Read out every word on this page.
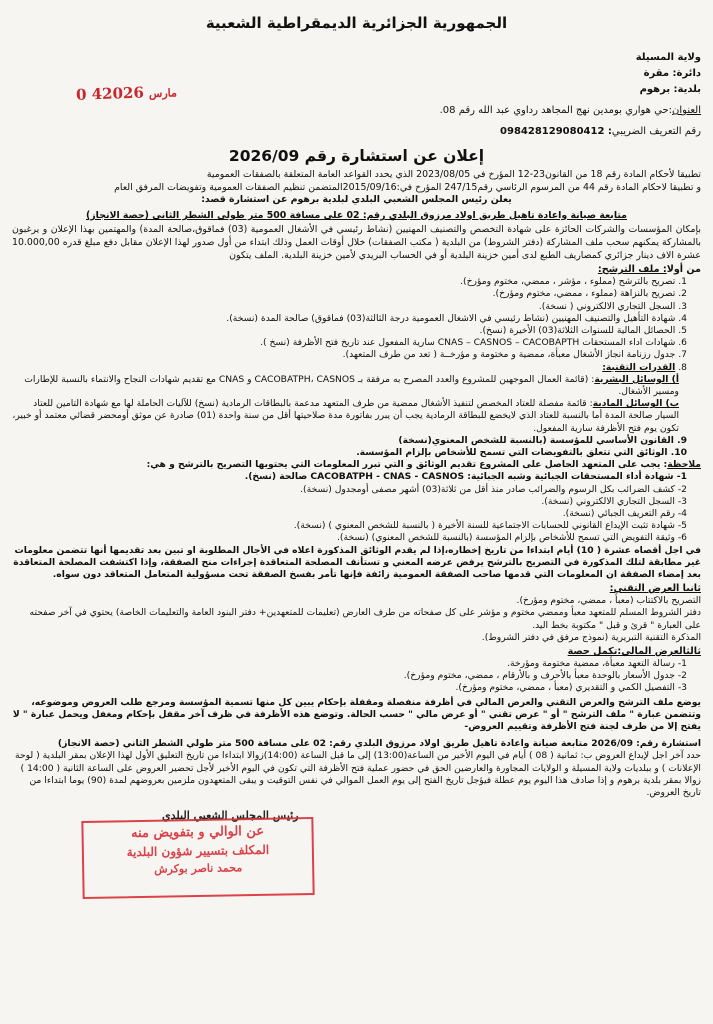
الجمهورية الجزائرية الديمقراطية الشعبية
0 4	مارس2026
ولاية المسيلة
دائرة: مقرة
بلدية: برهوم
العنوان:حي هواري بومدين نهج المجاهد رداوي عبد الله رقم 08.
رقم التعريف الضريبي: 098428129080412
إعلان عن استشارة رقم 2026/09
تطبيقا لأحكام المادة رقم 18 من القانون23-12 المؤرخ في 2023/08/05 الذي يحدد القواعد العامة المتعلقة بالصفقات العمومية
و تطبيقا لاحكام المادة رقم 44 من المرسوم الرئاسي رقم247/15 المؤرخ في:2015/09/16المتضمن تنظيم الصفقات العمومية وتفويضات المرفق العام
يعلن رئيس المجلس الشعبي البلدي لبلدية برهوم عن استشارة قصد:
متابعة صيانة واعادة تاهيل طريق اولاد مرزوق البلدي رقم: 02 على مسافة 500 متر طولي الشطر الثاني (حصة الانجاز)
بإمكان المؤسسات والشركات الحائزة على شهادة التخصص والتصنيف المهنيين (نشاط رئيسي في الأشغال العمومية (03) فماقوق،صالحة المدة) والمهتمين بهذا الإعلان و يرغبون بالمشاركة يمكنهم سحب ملف المشاركة (دفتر الشروط) من البلدية ( مكتب الصفقات) خلال أوقات العمل وذلك ابتداء من أول صدور لهذا الإعلان مقابل دفع مبلغ قدره 10.000,00 عشرة الاف دينار جزائري كمصاريف الطبع لدى أمين خزينة البلدية أو في الحساب البريدي لأمين خزينة البلدية. الملف يتكون
من أولا: ملف الترشح:
1. تصريح بالترشح (مملوء ، مؤشر ، ممضي، مختوم ومؤرخ).
2. تصريح بالنزاهة (مملوء ، ممضي، مختوم ومؤرخ).
3. السجل التجاري الالكتروني ( نسخة).
4. شهادة التأهيل والتصنيف المهنيين (نشاط رئيسي في الاشغال العمومية درجة الثالثة(03) فماقوق) صالحة المدة (نسخة).
5. الحصائل المالية للسنوات الثلاثة(03) الأخيرة (نسخ).
6. شهادات اداء المستحقات CNAS – CASNOS – CACOBAPTH سارية المفعول عند تاريخ فتح الأظرفة (نسخ ).
7. جدول رزنامة انجاز الأشغال معبأة، ممضية و مختومة و مؤرخــة ( تعد من طرف المتعهد).
8. القدرات التقنية:
أ) الوسائل البشرية: (قائمة العمال الموجهين للمشروع والعدد المصرح به مرفقة بـ CACOBATPH، CASNOS و CNAS مع تقديم شهادات النجاح والانتماء بالنسبة للإطارات ومسير الأشغال.
ب) الوسائل المادية: قائمة مفصلة للعتاد المخصص لتنفيذ الأشغال ممضية من طرف المتعهد مدعمة بالبطاقات الرمادية (نسخ) للآليات الحاملة لها مع شهادة التامين للعتاد السيار صالحة المدة أما بالنسبة للعتاد الذي لايخضع للبطاقة الرمادية يجب أن يبرر بفاتورة مدة صلاحيتها أقل من سنة واحدة (01) صادرة عن موثق أومحضر قضائي معتمد أو خبير، تكون يوم فتح الأظرفة سارية المفعول.
9. القانون الأساسي للمؤسسة (بالنسبة للشخص المعنوي(نسخة)
10. الوثائق التي تتعلق بالتفويضات التي تسمح للأشخاص بإلزام المؤسسة.
ملاحظة: يجب على المتعهد الحاصل على المشروع تقديم الوثائق و التي تبرر المعلومات التي يحتويها التصريح بالترشح و هي:
1- شهادة أداء المستحقات الجبائية وشبه الجبائية: CACOBATPH - CNAS - CASNOS صالحة (نسخ).
2- كشف الضرائب بكل الرسوم والضرائب صادر منذ أقل من ثلاثة(03) أشهر مصفى أومجدول (نسخة).
3- السجل التجاري الالكتروني (نسخة).
4- رقم التعريف الجبائي (نسخة).
5- شهادة تثبت الإيداع القانوني للحسابات الاجتماعية للسنة الأخيرة ( بالنسبة للشخص المعنوي ) (نسخة).
6- وثيقة التفويض التي تسمح للأشخاص بإلزام المؤسسة (بالنسبة للشخص المعنوي) (نسخة).
في اجل أقصاه عشرة ( 10) أيام ابتداءا من تاريخ إخطاره،إذا لم يقدم الوثائق المذكورة اعلاه في الأجال المطلوبة او تبين بعد تقديمها أنها تتضمن معلومات غير مطابقة لتلك المذكورة في التصريح بالترشح يرفض عرضه المعني و تستأنف المصلحة المتعاقدة إجراءات منح الصفقة، وإذا اكتشفت المصلحة المتعاقدة بعد إمضاء الصفقة ان المعلومات التي قدمها صاحب الصفقة العمومية زائفة فإنها تأمر بفسخ الصفقة تحت مسؤولية المتعامل المتعاقد دون سواه.
ثانيا العرض التقني:
التصريح بالاكتتاب (معبأ ، ممضي، مختوم ومؤرخ).
دفتر الشروط المسلم للمتعهد معبأ وممضي مختوم و مؤشر على كل صفحاته من طرف العارض (تعليمات للمتعهدين+ دفتر البنود العامة والتعليمات الخاصة) يحتوي في آخر صفحته على العبارة " قرئ و قبل " مكتوبة بخط اليد.
المذكرة التقنية التبريرية (نموذج مرفق في دفتر الشروط).
ثالثالعرض المالي:تكمل حصة
1- رسالة التعهد معبأة، ممضية مختومة ومؤرخة.
2- جدول الأسعار بالوحدة معبأ بالأحرف و بالأرقام ، ممضي، مختوم ومؤرخ).
3- التفصيل الكمي و التقديري (معبأ ، ممضي، مختوم ومؤرخ).
يوضع ملف الترشح والعرض التقني والعرض المالي في أظرفة منفصلة ومقفلة بإحكام يبين كل منها تسمية المؤسسة ومرجع طلب العروض وموضوعه، وتتضمن عبارة " ملف الترشح " أو " عرض تقني " أو عرض مالي " حسب الحالة. وتوضع هذه الأظرفة في ظرف آخر مقفل بإحكام ومغفل ويحمل عبارة " لا يفتح إلا من طرف لجنة فتح الأظرفة وتقييم العروض-
استشارة رقم: 2026/09 متابعة صيانة واعادة تاهيل طريق اولاد مرزوق البلدي رقم: 02 على مسافة 500 متر طولي الشطر الثاني (حصة الانجاز)
حدد آخر اجل لإيداع العروض ب: ثمانية ( 08 ) أيام في اليوم الأخير من الساعة(13:00) إلى ما قبل الساعة (14:00)زوالا ابتداءا من تاريخ التعليق الأول لهذا الإعلان بمقر البلدية ( لوحة الإعلانات ) و ببلديات ولاية المسيلة و الولايات المجاورة والعارضين الحق في حضور عملية فتح الأظرفة التي تكون في اليوم الأخير لأجل تحضير العروض على الساعة الثانية ( 14:00 ) زوالا بمقر بلدية برهوم و إذا صادف هذا اليوم يوم عطلة فيؤجل تاريخ الفتح إلى يوم العمل الموالي في نفس التوقيت و يبقى المتعهدون ملزمين بعروضهم لمدة (90) يوما ابتداءا من تاريخ العروض.
رئيس المجلس الشعبي البلدي
عن الوالي و بتفويض منه
المكلف بتسيير شؤون البلدية
محمد ناصر بوكرش
